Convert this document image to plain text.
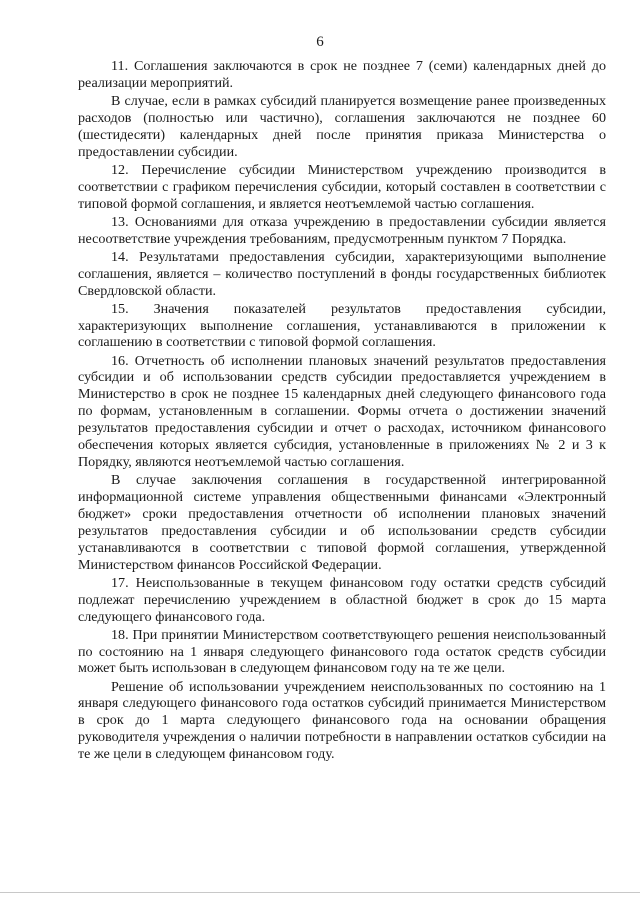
6

11. Соглашения заключаются в срок не позднее 7 (семи) календарных дней до реализации мероприятий.

В случае, если в рамках субсидий планируется возмещение ранее произведенных расходов (полностью или частично), соглашения заключаются не позднее 60 (шестидесяти) календарных дней после принятия приказа Министерства о предоставлении субсидии.

12. Перечисление субсидии Министерством учреждению производится в соответствии с графиком перечисления субсидии, который составлен в соответствии с типовой формой соглашения, и является неотъемлемой частью соглашения.

13. Основаниями для отказа учреждению в предоставлении субсидии является несоответствие учреждения требованиям, предусмотренным пунктом 7 Порядка.

14. Результатами предоставления субсидии, характеризующими выполнение соглашения, является – количество поступлений в фонды государственных библиотек Свердловской области.

15. Значения показателей результатов предоставления субсидии, характеризующих выполнение соглашения, устанавливаются в приложении к соглашению в соответствии с типовой формой соглашения.

16. Отчетность об исполнении плановых значений результатов предоставления субсидии и об использовании средств субсидии предоставляется учреждением в Министерство в срок не позднее 15 календарных дней следующего финансового года по формам, установленным в соглашении. Формы отчета о достижении значений результатов предоставления субсидии и отчет о расходах, источником финансового обеспечения которых является субсидия, установленные в приложениях № 2 и 3 к Порядку, являются неотъемлемой частью соглашения.

В случае заключения соглашения в государственной интегрированной информационной системе управления общественными финансами «Электронный бюджет» сроки предоставления отчетности об исполнении плановых значений результатов предоставления субсидии и об использовании средств субсидии устанавливаются в соответствии с типовой формой соглашения, утвержденной Министерством финансов Российской Федерации.

17. Неиспользованные в текущем финансовом году остатки средств субсидий подлежат перечислению учреждением в областной бюджет в срок до 15 марта следующего финансового года.

18. При принятии Министерством соответствующего решения неиспользованный по состоянию на 1 января следующего финансового года остаток средств субсидии может быть использован в следующем финансовом году на те же цели.

Решение об использовании учреждением неиспользованных по состоянию на 1 января следующего финансового года остатков субсидий принимается Министерством в срок до 1 марта следующего финансового года на основании обращения руководителя учреждения о наличии потребности в направлении остатков субсидии на те же цели в следующем финансовом году.
